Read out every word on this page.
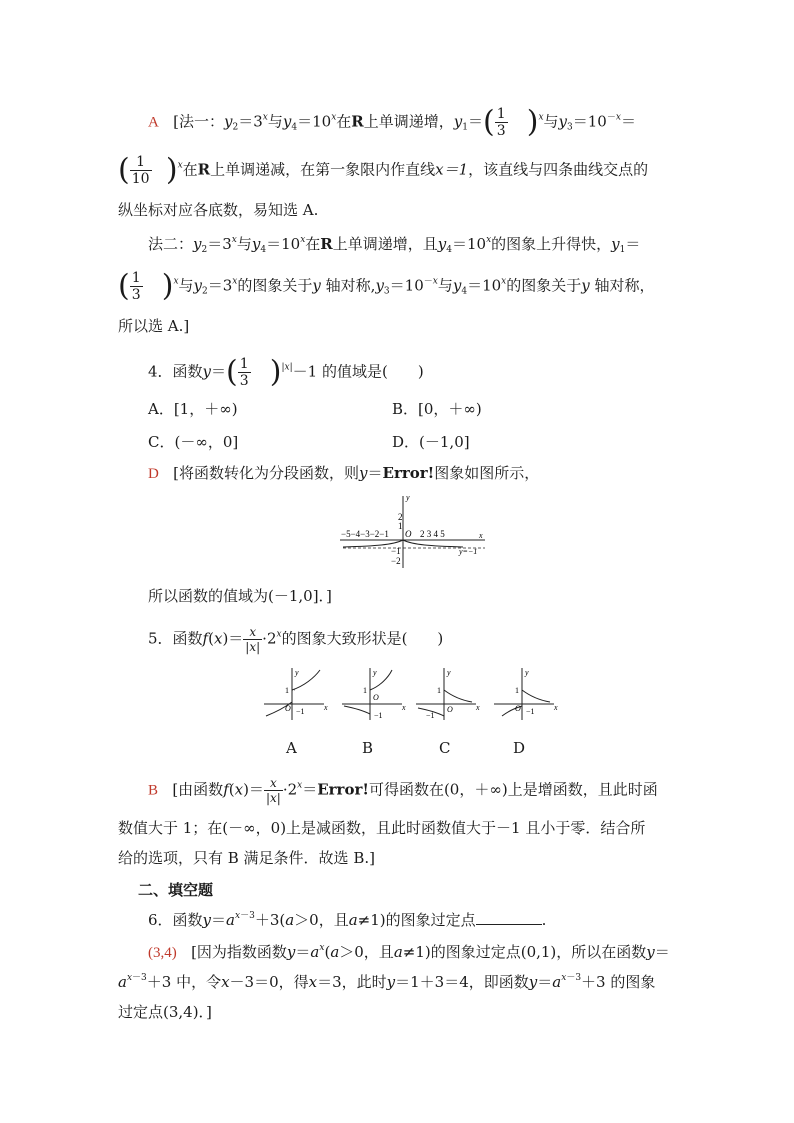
A [法一：$y_2=3^x$与$y_4=10^x$在R上单调递增，$y_1=( \frac{1}{3} )^x$与$y_3=10^{-x}=$
( $\frac{1}{10} )^x$在R上单调递减，在第一象限内作直线x＝1，该直线与四条曲线交点的
纵坐标对应各底数，易知选 A.
法二：$y_2=3^x$与$y_4=10^x$在R上单调递增，且$y_4=10^x$的图象上升得快，$y_1=$
( $\frac{1}{3} )^x$与$y_2=3^x$的图象关于y 轴对称$,y_3=10^{-x}$与$y_4=10^x$的图象关于y 轴对称，
所以选 A.]
4．函数$y=( \frac{1}{3} )^{|x|}-1$ 的值域是(　　)
A．[1，＋∞)	B．[0，＋∞)
C．(－∞，0]	D．(－1,0]
D [将函数转化为分段函数，则y＝Error!图象如图所示，
y
x
−5−4−3−2−1 O
1
2
2 3 4 5
−1
−2
y=−1
所以函数的值域为(－1,0]．]
5．函数$f(x)= \frac{x}{|x|} \cdot 2^x$的图象大致形状是(　　)
y
x
1
O −1
y
x
1
O
−1
y
x
1
O
−1
y
x
1
O −1
A	B	C	D
B [由函数$f(x)= \frac{x}{|x|}$ $\cdot 2^x=Error$!可得函数在(0，＋∞)上是增函数，且此时函
数值大于 1；在(－∞，0)上是减函数，且此时函数值大于－1 且小于零．结合所
给的选项，只有 B 满足条件．故选 B.]
二、填空题
6．函数$y=a^{x-3}+3(a>0$，且a≠1)的图象过定点	.
(3,4) [因为指数函数$y=a^x(a>0$，且a≠1)的图象过定点(0,1)，所以在函数y＝
$a^{x-3}+3$ 中，令x－3＝0，得x＝3，此时y＝1＋3＝4，即函数$y=a^{x-3}+3$ 的图象
过定点(3,4)．]
